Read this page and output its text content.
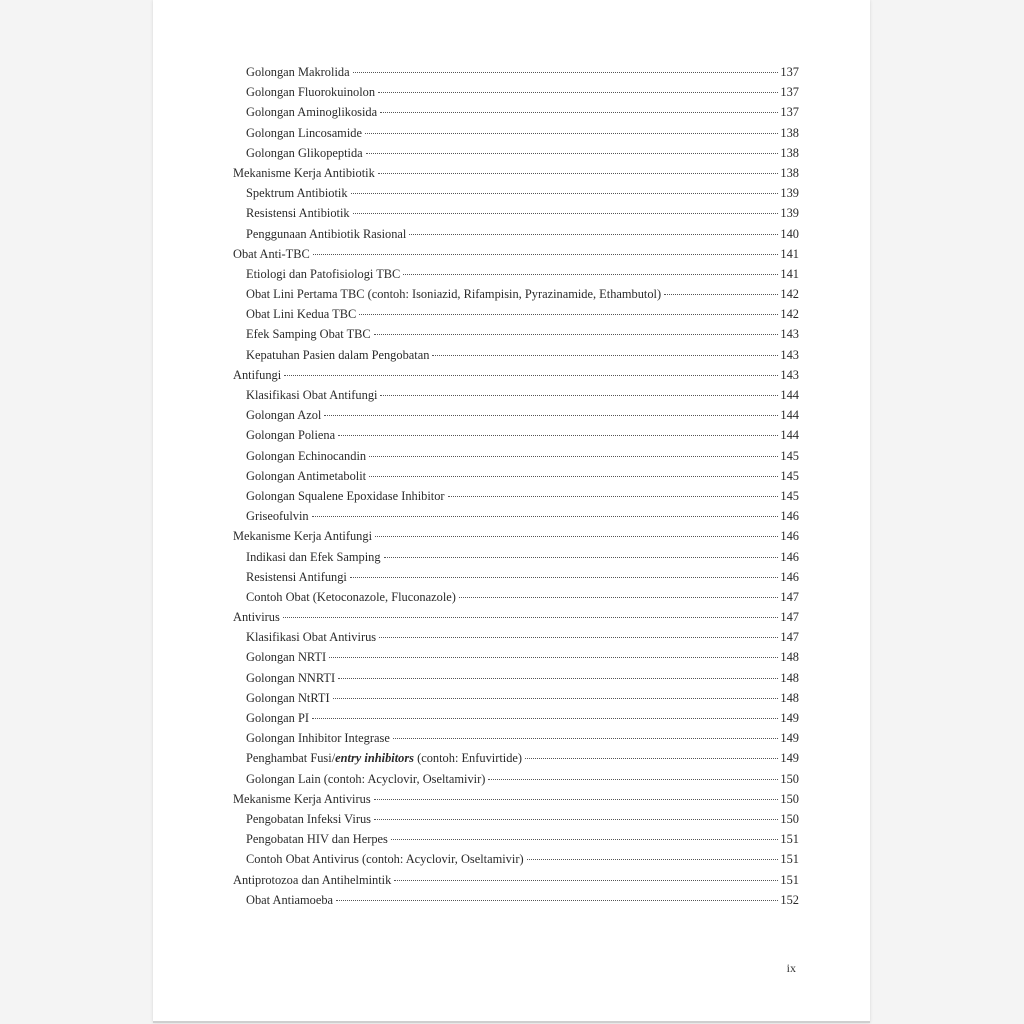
Golongan Makrolida	137
Golongan Fluorokuinolon	137
Golongan Aminoglikosida	137
Golongan Lincosamide	138
Golongan Glikopeptida	138
Mekanisme Kerja Antibiotik	138
Spektrum Antibiotik	139
Resistensi Antibiotik	139
Penggunaan Antibiotik Rasional	140
Obat Anti-TBC	141
Etiologi dan Patofisiologi TBC	141
Obat Lini Pertama TBC (contoh: Isoniazid, Rifampisin, Pyrazinamide, Ethambutol)	142
Obat Lini Kedua TBC	142
Efek Samping Obat TBC	143
Kepatuhan Pasien dalam Pengobatan	143
Antifungi	143
Klasifikasi Obat Antifungi	144
Golongan Azol	144
Golongan Poliena	144
Golongan Echinocandin	145
Golongan Antimetabolit	145
Golongan Squalene Epoxidase Inhibitor	145
Griseofulvin	146
Mekanisme Kerja Antifungi	146
Indikasi dan Efek Samping	146
Resistensi Antifungi	146
Contoh Obat (Ketoconazole, Fluconazole)	147
Antivirus	147
Klasifikasi Obat Antivirus	147
Golongan NRTI	148
Golongan NNRTI	148
Golongan NtRTI	148
Golongan PI	149
Golongan Inhibitor Integrase	149
Penghambat Fusi/entry inhibitors (contoh: Enfuvirtide)	149
Golongan Lain (contoh: Acyclovir, Oseltamivir)	150
Mekanisme Kerja Antivirus	150
Pengobatan Infeksi Virus	150
Pengobatan HIV dan Herpes	151
Contoh Obat Antivirus (contoh: Acyclovir, Oseltamivir)	151
Antiprotozoa dan Antihelmintik	151
Obat Antiamoeba	152
ix
